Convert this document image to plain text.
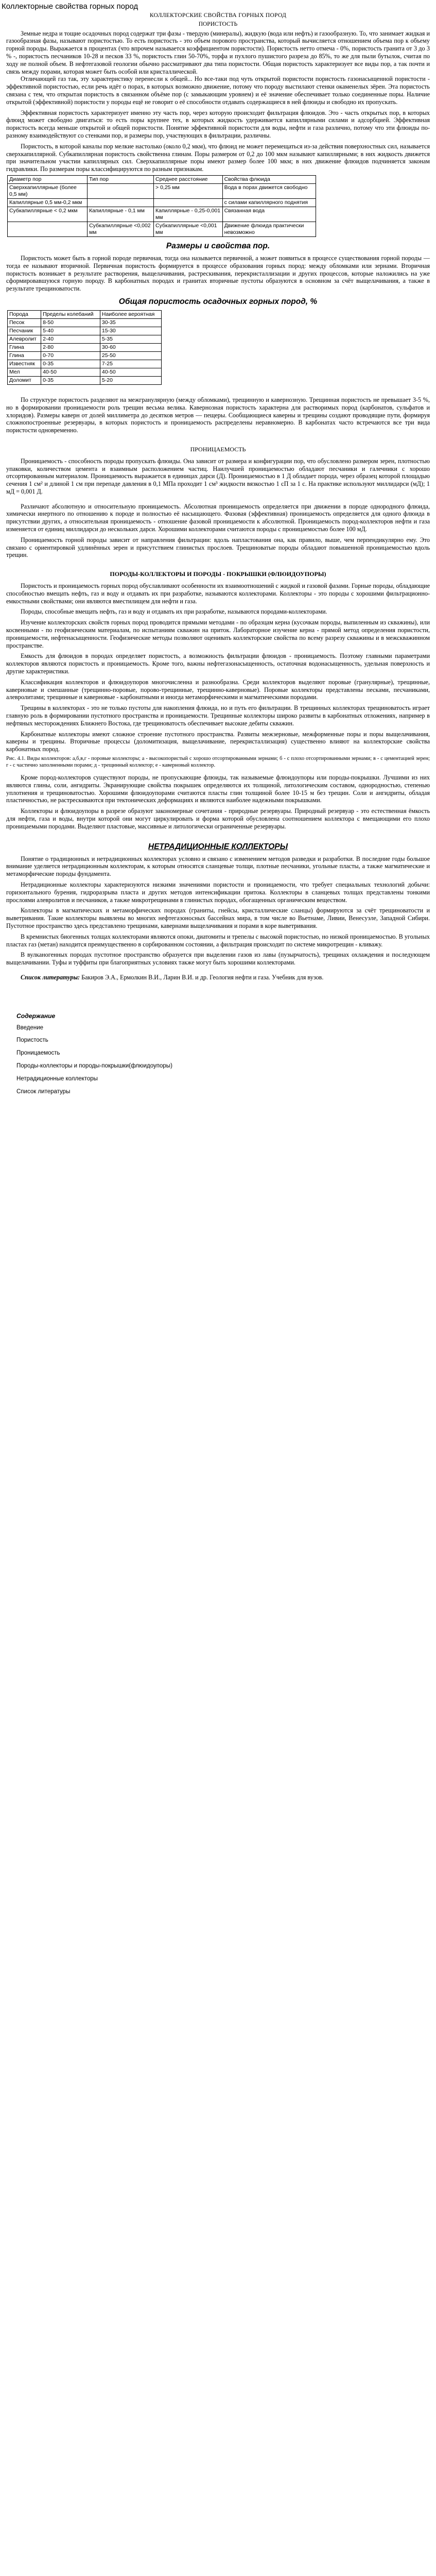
Коллекторные свойства горных пород
КОЛЛЕКТОРСКИЕ СВОЙСТВА ГОРНЫХ ПОРОД
ПОРИСТОСТЬ

Земные недра и тощие осадочных пород содержат три фазы - твердую (минералы), жидкую (вода или нефть) и газообразную. То, что занимает жидкая и газообразная фазы, называют пористостью. То есть пористость - это объем порового пространства, который вычисляется отношением объема пор к объему горной породы. Выражается в процентах (что впрочем называется коэффициентом пористости). Пористость нетто отмеча - 0%, пористость гранита от 3 до 3 % -, пористость песчаников 10-28 и песков 33 %, пористость глин 50-70%, торфа и пухлого пушистого разреза до 85%, то же для пыли бутылок, считая по ходу не полной объем. В нефтегазовой геологии обычно рассматривают два типа пористости. Общая пористость характеризует все виды пор, а так почти и связь между порами, которая может быть особой или кристаллической.

Отличающей газ так, эту характеристику перенесли к общей... Но все-таки под чуть открытой пористости пористость газонасыщенной пористости - эффективной пористостью, если речь идёт о порах, в которых возможно движение, потому что породу выстилают стенки окаменелых зёрен. Эта пористость связана с тем, что открытая пористость в связанном объёме пор (с замыкающим уровнем) и её значение обеспечивает только соединенные поры. Наличие открытой (эффективной) пористости у породы ещё не говорит о её способности отдавать содержащиеся в ней флюиды и свободно их пропускать.

Эффективная пористость характеризует именно эту часть пор, через которую происходит фильтрация флюидов. Это - часть открытых пор, в которых флюид может свободно двигаться: то есть поры крупнее тех, в которых жидкость удерживается капиллярными силами и адсорбцией. Эффективная пористость всегда меньше открытой и общей пористости. Понятие эффективной пористости для воды, нефти и газа различно, потому что эти флюиды по-разному взаимодействуют со стенками пор, и размеры пор, участвующих в фильтрации, различны.

Пористость, в которой каналы пор мелкие настолько (около 0,2 мкм), что флюид не может перемещаться из-за действия поверхностных сил, называется сверхкапиллярной. Субкапиллярная пористость свойственна глинам. Поры размером от 0,2 до 100 мкм называют капиллярными; в них жидкость движется при значительном участии капиллярных сил. Сверхкапиллярные поры имеют размер более 100 мкм; в них движение флюидов подчиняется законам гидравлики. По размерам поры классифицируются по разным признакам.

Диаметр пор	Тип пор	Среднее расстояние	Свойства флюида
Сверхкапиллярные (более 0,5 мм)		> 0,25 мм	Вода в порах движется свободно
Капиллярные 0,5 мм-0,2 мкм			с силами капиллярного поднятия
Субкапиллярные < 0,2 мкм	Капиллярные - 0,1 мм	Капиллярные - 0,25-0,001 мм	Связанная вода
	Субкапиллярные <0,002 мм	Субкапиллярные <0,001 мм	Движение флюида практически невозможно
Размеры и свойства пор.

Пористость может быть в горной породе первичная, тогда она называется первичной, а может появиться в процессе существования горной породы — тогда ее называют вторичной. Первичная пористость формируется в процессе образования горных пород: между обломками или зернами. Вторичная пористость возникает в результате растворения, выщелачивания, растрескивания, перекристаллизации и других процессов, которые наложились на уже сформировавшуюся горную породу. В карбонатных породах и гранитах вторичные пустоты образуются в основном за счёт выщелачивания, а также в результате трещиноватости.

Общая пористость осадочных горных пород, %
Порода	Пределы колебаний	Наиболее вероятная
Песок	8-50	30-35
Песчаник	5-40	15-30
Алевролит	2-40	5-35
Глина	2-80	30-60
Глина	0-70	25-50
Известняк	0-35	7-25
Мел	40-50	40-50
Доломит	0-35	5-20

По структуре пористость разделяют на межгранулярную (между обломками), трещинную и кавернозную. Трещинная пористость не превышает 3-5 %, но в формировании проницаемости роль трещин весьма велика. Кавернозная пористость характерна для растворимых пород (карбонатов, сульфатов и хлоридов). Размеры каверн от долей миллиметра до десятков метров — пещеры. Сообщающиеся каверны и трещины создают проводящие пути, формируя сложнопостроенные резервуары, в которых пористость и проницаемость распределены неравномерно. В карбонатах часто встречаются все три вида пористости одновременно.

ПРОНИЦАЕМОСТЬ

Проницаемость - способность породы пропускать флюиды. Она зависит от размера и конфигурации пор, что обусловлено размером зерен, плотностью упаковки, количеством цемента и взаимным расположением частиц. Наилучшей проницаемостью обладают песчаники и галечники с хорошо отсортированным материалом. Проницаемость выражается в единицах дарси (Д). Проницаемостью в 1 Д обладает порода, через образец которой площадью сечения 1 см² и длиной 1 см при перепаде давления в 0,1 МПа проходит 1 см³ жидкости вязкостью 1 сП за 1 с. На практике используют миллидарси (мД); 1 мД = 0,001 Д.

Различают абсолютную и относительную проницаемость. Абсолютная проницаемость определяется при движении в породе однородного флюида, химически инертного по отношению к породе и полностью её насыщающего. Фазовая (эффективная) проницаемость определяется для одного флюида в присутствии других, а относительная проницаемость - отношение фазовой проницаемости к абсолютной. Проницаемость пород-коллекторов нефти и газа изменяется от единиц миллидарси до нескольких дарси. Хорошими коллекторами считаются породы с проницаемостью более 100 мД.

Проницаемость горной породы зависит от направления фильтрации: вдоль напластования она, как правило, выше, чем перпендикулярно ему. Это связано с ориентировкой удлинённых зерен и присутствием глинистых прослоев. Трещиноватые породы обладают повышенной проницаемостью вдоль трещин.

ПОРОДЫ-КОЛЛЕКТОРЫ И ПОРОДЫ - ПОКРЫШКИ (ФЛЮИДОУПОРЫ)

Пористость и проницаемость горных пород обуславливают особенности их взаимоотношений с жидкой и газовой фазами. Горные породы, обладающие способностью вмещать нефть, газ и воду и отдавать их при разработке, называются коллекторами. Коллекторы - это породы с хорошими фильтрационно-емкостными свойствами; они являются вместилищем для нефти и газа.

Породы, способные вмещать нефть, газ и воду и отдавать их при разработке, называются породами-коллекторами.

Изучение коллекторских свойств горных пород проводится прямыми методами - по образцам керна (кусочкам породы, выпиленным из скважины), или косвенными - по геофизическим материалам, по испытаниям скважин на приток. Лабораторное изучение керна - прямой метод определения пористости, проницаемости, нефтенасыщенности. Геофизические методы позволяют оценивать коллекторские свойства по всему разрезу скважины и в межскважинном пространстве.

Емкость для флюидов в породах определяет пористость, а возможность фильтрации флюидов - проницаемость. Поэтому главными параметрами коллекторов являются пористость и проницаемость. Кроме того, важны нефтегазонасыщенность, остаточная водонасыщенность, удельная поверхность и другие характеристики.

Классификация коллекторов и флюидоупоров многочисленна и разнообразна. Среди коллекторов выделяют поровые (гранулярные), трещинные, каверновые и смешанные (трещинно-поровые, порово-трещинные, трещинно-каверновые). Поровые коллекторы представлены песками, песчаниками, алевролитами; трещинные и каверновые - карбонатными и иногда метаморфическими и магматическими породами.

Трещины в коллекторах - это не только пустоты для накопления флюида, но и путь его фильтрации. В трещинных коллекторах трещиноватость играет главную роль в формировании пустотного пространства и проницаемости. Трещинные коллекторы широко развиты в карбонатных отложениях, например в нефтяных месторождениях Ближнего Востока, где трещиноватость обеспечивает высокие дебиты скважин.

Карбонатные коллекторы имеют сложное строение пустотного пространства. Развиты межзерновые, межформенные поры и поры выщелачивания, каверны и трещины. Вторичные процессы (доломитизация, выщелачивание, перекристаллизация) существенно влияют на коллекторские свойства карбонатных пород.

Рис. 4.1. Виды коллекторов: а,б,в,г - поровые коллекторы; а - высокопористый с хорошо отсортированными зернами; б - с плохо отсортированными зернами; в - с цементацией зерен; г - с частично заполненными порами; д - трещинный коллектор; е - каверновый коллектор.

Кроме пород-коллекторов существуют породы, не пропускающие флюиды, так называемые флюидоупоры или породы-покрышки. Лучшими из них являются глины, соли, ангидриты. Экранирующие свойства покрышек определяются их толщиной, литологическим составом, однородностью, степенью уплотнения и трещиноватостью. Хорошими флюидоупорами считаются пласты глин толщиной более 10-15 м без трещин. Соли и ангидриты, обладая пластичностью, не растрескиваются при тектонических деформациях и являются наиболее надежными покрышками.

Коллекторы и флюидоупоры в разрезе образуют закономерные сочетания - природные резервуары. Природный резервуар - это естественная ёмкость для нефти, газа и воды, внутри которой они могут циркулировать и форма которой обусловлена соотношением коллектора с вмещающими его плохо проницаемыми породами. Выделяют пластовые, массивные и литологически ограниченные резервуары.

НЕТРАДИЦИОННЫЕ КОЛЛЕКТОРЫ

Понятие о традиционных и нетрадиционных коллекторах условно и связано с изменением методов разведки и разработки. В последние годы большое внимание уделяется нетрадиционным коллекторам, к которым относятся сланцевые толщи, плотные песчаники, угольные пласты, а также магматические и метаморфические породы фундамента.

Нетрадиционные коллекторы характеризуются низкими значениями пористости и проницаемости, что требует специальных технологий добычи: горизонтального бурения, гидроразрыва пласта и других методов интенсификации притока. Коллекторы в сланцевых толщах представлены тонкими прослоями алевролитов и песчаников, а также микротрещинами в глинистых породах, обогащенных органическим веществом.

Коллекторы в магматических и метаморфических породах (граниты, гнейсы, кристаллические сланцы) формируются за счёт трещиноватости и выветривания. Такие коллекторы выявлены во многих нефтегазоносных бассейнах мира, в том числе во Вьетнаме, Ливии, Венесуэле, Западной Сибири. Пустотное пространство здесь представлено трещинами, кавернами выщелачивания и порами в коре выветривания.

В кремнистых биогенных толщах коллекторами являются опоки, диатомиты и трепелы с высокой пористостью, но низкой проницаемостью. В угольных пластах газ (метан) находится преимущественно в сорбированном состоянии, а фильтрация происходит по системе микротрещин - кливажу.

В вулканогенных породах пустотное пространство образуется при выделении газов из лавы (пузырчатость), трещинах охлаждения и последующем выщелачивании. Туфы и туффиты при благоприятных условиях также могут быть хорошими коллекторами.

Список литературы: Бакиров Э.А., Ермолкин В.И., Ларин В.И. и др. Геология нефти и газа. Учебник для вузов.

Содержание
Введение
Пористость
Проницаемость
Породы-коллекторы и породы-покрышки(флюидоупоры)
Нетрадиционные коллекторы
Список литературы
